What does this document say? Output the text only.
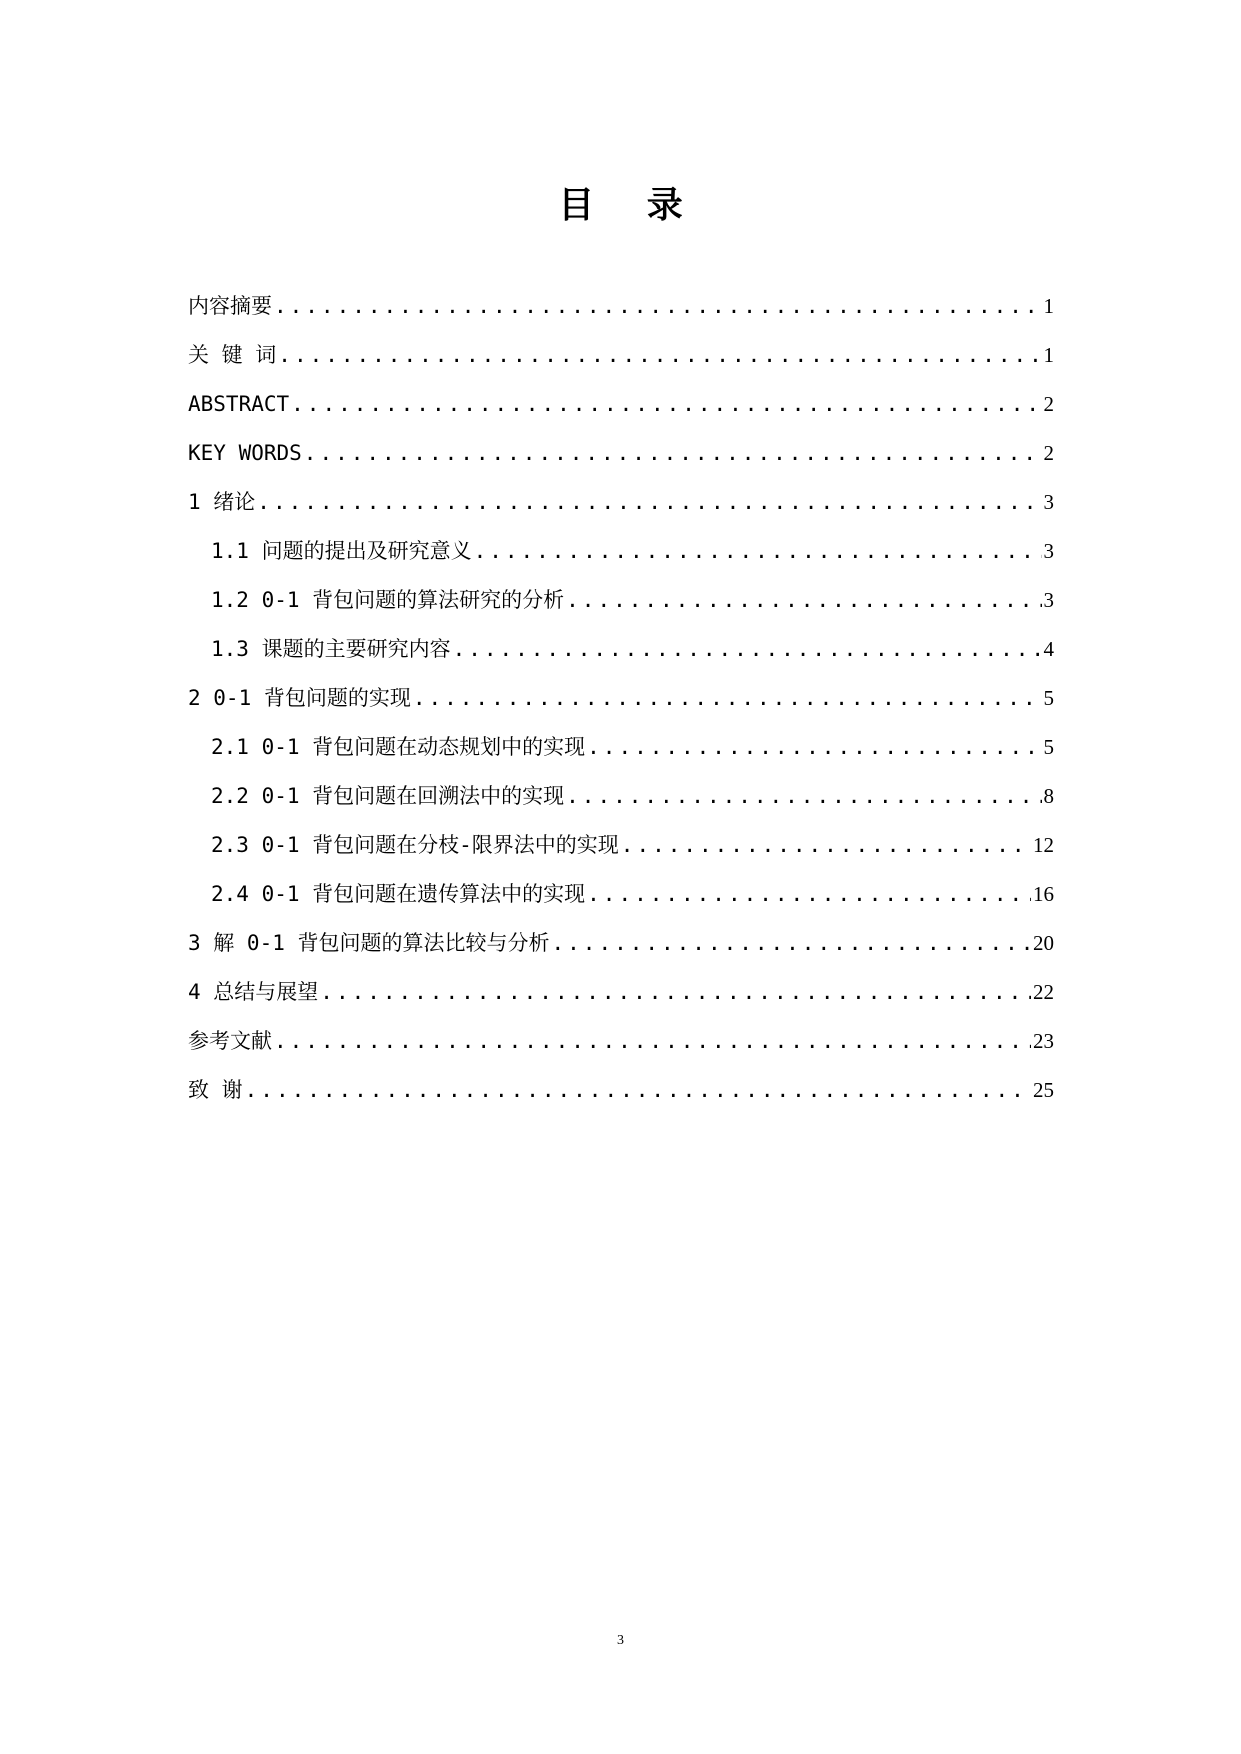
目 录
内容摘要 .....	1
关 键 词 .....	1
ABSTRACT .....	2
KEY WORDS .....	2
1 绪论 .....	3
1.1 问题的提出及研究意义 .....	3
1.2 0-1 背包问题的算法研究的分析 .....	3
1.3 课题的主要研究内容 .....	4
2 0-1 背包问题的实现 .....	5
2.1 0-1 背包问题在动态规划中的实现 .....	5
2.2 0-1 背包问题在回溯法中的实现 .....	8
2.3 0-1 背包问题在分枝-限界法中的实现 .....	12
2.4 0-1 背包问题在遗传算法中的实现 .....	16
3 解 0-1 背包问题的算法比较与分析 .....	20
4 总结与展望 .....	22
参考文献 .....	23
致 谢 .....	25
3
